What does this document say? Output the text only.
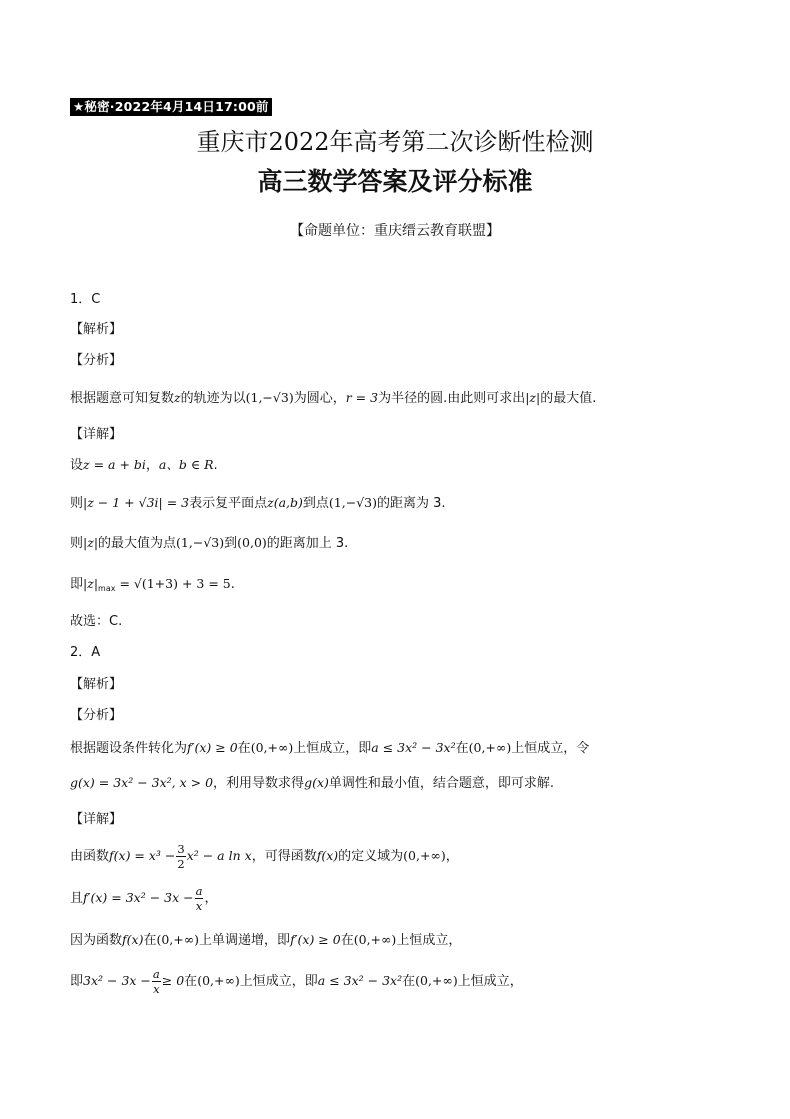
★秘密·2022年4月14日17:00前
重庆市2022年高考第二次诊断性检测
高三数学答案及评分标准
【命题单位：重庆缙云教育联盟】
1．C
【解析】
【分析】
根据题意可知复数z的轨迹为以(1,−√3)为圆心，r = 3为半径的圆.由此则可求出|z|的最大值.
【详解】
设z = a + bi，a、b ∈ R.
则|z − 1 + √3i| = 3表示复平面点z(a,b)到点(1,−√3)的距离为 3.
则|z|的最大值为点(1,−√3)到(0,0)的距离加上 3.
即$|z|_{max} = √(1+3) + 3 = 5$.
故选：C.
2．A
【解析】
【分析】
根据题设条件转化为f′(x) ≥ 0在(0,+∞)上恒成立，即a ≤ 3x² − 3x²在(0,+∞)上恒成立，令
g(x) = 3x² − 3x², x > 0，利用导数求得g(x)单调性和最小值，结合题意，即可求解.
【详解】
由函数$f(x) = x^3 - \frac{3}{2} x^2 - a$ ln x，可得函数f(x)的定义域为(0,+∞)，
且$f'(x) = 3x^2 - 3x - \frac{a}{x}$ ，
因为函数f(x)在(0,+∞)上单调递增，即f′(x) ≥ 0在(0,+∞)上恒成立，
即$3x^2 - 3x - \frac{a}{x} \ge 0$在(0,+∞)上恒成立，即a ≤ 3x² − 3x²在(0,+∞)上恒成立，
